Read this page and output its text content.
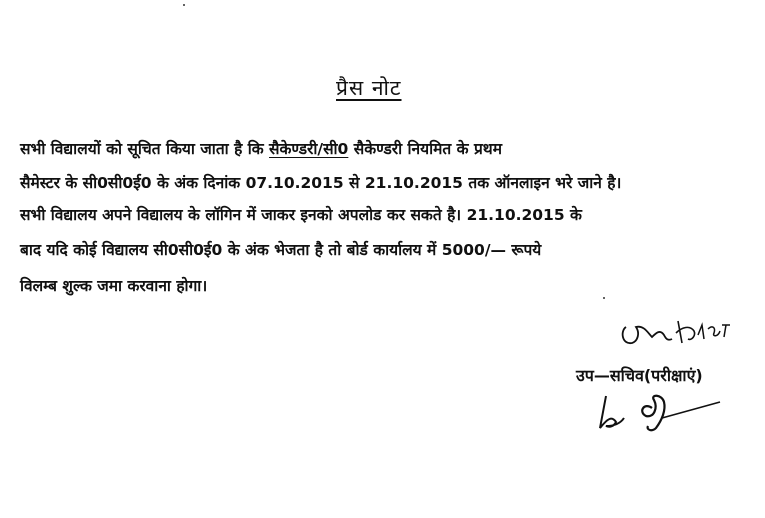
प्रैस नोट
सभी विद्यालयों को सूचित किया जाता है कि सैकेण्डरी/सी0 सैकेण्डरी नियमित के प्रथम
सैमेस्टर के सी0सी0ई0 के अंक दिनांक 07.10.2015 से 21.10.2015 तक ऑनलाइन भरे जाने है।
सभी विद्यालय अपने विद्यालय के लॉगिन में जाकर इनको अपलोड कर सकते है। 21.10.2015 के
बाद यदि कोई विद्यालय सी0सी0ई0 के अंक भेजता है तो बोर्ड कार्यालय में 5000/— रूपये
विलम्ब शुल्क जमा करवाना होगा।
उप—सचिव(परीक्षाएं)
